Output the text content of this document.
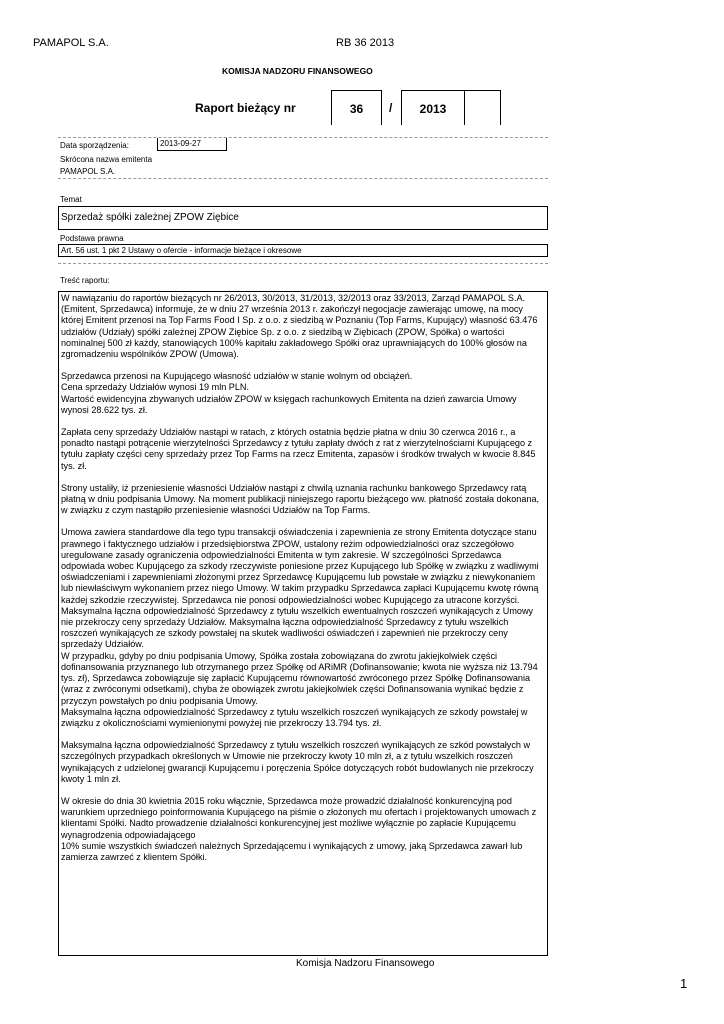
PAMAPOL S.A.	RB 36 2013
KOMISJA NADZORU FINANSOWEGO
Raport bieżący nr	36	/	2013
Data sporządzenia:	2013-09-27
Skrócona nazwa emitenta
PAMAPOL S.A.
Temat
Sprzedaż spółki zależnej ZPOW Ziębice
Podstawa prawna
Art. 56 ust. 1 pkt 2 Ustawy o ofercie - informacje bieżące i okresowe
Treść raportu:

W nawiązaniu do raportów bieżących nr 26/2013, 30/2013, 31/2013, 32/2013 oraz 33/2013, Zarząd PAMAPOL S.A. (Emitent, Sprzedawca) informuje, że w dniu 27 września 2013 r. zakończył negocjacje zawierając umowę, na mocy której Emitent przenosi na Top Farms Food I Sp. z o.o. z siedzibą w Poznaniu (Top Farms, Kupujący) własność 63.476 udziałów (Udziały) spółki zależnej ZPOW Ziębice Sp. z o.o. z siedzibą w Ziębicach (ZPOW, Spółka) o wartości nominalnej 500 zł każdy, stanowiących 100% kapitału zakładowego Spółki oraz uprawniających do 100% głosów na zgromadzeniu wspólników ZPOW (Umowa).

Sprzedawca przenosi na Kupującego własność udziałów w stanie wolnym od obciążeń.

Cena sprzedaży Udziałów wynosi 19 mln PLN.

Wartość ewidencyjna zbywanych udziałów ZPOW w księgach rachunkowych Emitenta na dzień zawarcia Umowy wynosi 28.622 tys. zł.

Zapłata ceny sprzedaży Udziałów nastąpi w ratach, z których ostatnia będzie płatna w dniu 30 czerwca 2016 r., a ponadto nastąpi potrącenie wierzytelności Sprzedawcy z tytułu zapłaty dwóch z rat z wierzytelnościami Kupującego z tytułu zapłaty części ceny sprzedaży przez Top Farms na rzecz Emitenta, zapasów i środków trwałych w kwocie 8.845 tys. zł.

Strony ustaliły, iż przeniesienie własności Udziałów nastąpi z chwilą uznania rachunku bankowego Sprzedawcy ratą płatną w dniu podpisania Umowy. Na moment publikacji niniejszego raportu bieżącego ww. płatność została dokonana, w związku z czym nastąpiło przeniesienie własności Udziałów na Top Farms.

Umowa zawiera standardowe dla tego typu transakcji oświadczenia i zapewnienia ze strony Emitenta dotyczące stanu prawnego i faktycznego udziałów i przedsiębiorstwa ZPOW, ustalony reżim odpowiedzialności oraz szczegółowo uregulowane zasady ograniczenia odpowiedzialności Emitenta w tym zakresie. W szczególności Sprzedawca odpowiada wobec Kupującego za szkody rzeczywiste poniesione przez Kupującego lub Spółkę w związku z wadliwymi oświadczeniami i zapewnieniami złożonymi przez Sprzedawcę Kupującemu lub powstałe w związku z niewykonaniem lub niewłaściwym wykonaniem przez niego Umowy. W takim przypadku Sprzedawca zapłaci Kupującemu kwotę równą każdej szkodzie rzeczywistej. Sprzedawca nie ponosi odpowiedzialności wobec Kupującego za utracone korzyści.

Maksymalna łączna odpowiedzialność Sprzedawcy z tytułu wszelkich ewentualnych roszczeń wynikających z Umowy nie przekroczy ceny sprzedaży Udziałów. Maksymalna łączna odpowiedzialność Sprzedawcy z tytułu wszelkich roszczeń wynikających ze szkody powstałej na skutek wadliwości oświadczeń i zapewnień nie przekroczy ceny sprzedaży Udziałów.

W przypadku, gdyby po dniu podpisania Umowy, Spółka została zobowiązana do zwrotu jakiejkolwiek części dofinansowania przyznanego lub otrzymanego przez Spółkę od ARiMR (Dofinansowanie; kwota nie wyższa niż 13.794 tys. zł), Sprzedawca zobowiązuje się zapłacić Kupującemu równowartość zwróconego przez Spółkę Dofinansowania (wraz z zwróconymi odsetkami), chyba że obowiązek zwrotu jakiejkolwiek części Dofinansowania wynikać będzie z przyczyn powstałych po dniu podpisania Umowy.

Maksymalna łączna odpowiedzialność Sprzedawcy z tytułu wszelkich roszczeń wynikających ze szkody powstałej w związku z okolicznościami wymienionymi powyżej nie przekroczy 13.794 tys. zł.

Maksymalna łączna odpowiedzialność Sprzedawcy z tytułu wszelkich roszczeń wynikających ze szkód powstałych w szczególnych przypadkach określonych w Umowie nie przekroczy kwoty 10 mln zł, a z tytułu wszelkich roszczeń wynikających z udzielonej gwarancji Kupującemu i poręczenia Spółce dotyczących robót budowlanych nie przekroczy kwoty 1 mln zł.

W okresie do dnia 30 kwietnia 2015 roku włącznie, Sprzedawca może prowadzić działalność konkurencyjną pod warunkiem uprzedniego poinformowania Kupującego na piśmie o złożonych mu ofertach i projektowanych umowach z klientami Spółki. Nadto prowadzenie działalności konkurencyjnej jest możliwe wyłącznie po zapłacie Kupującemu wynagrodzenia odpowiadającego

10% sumie wszystkich świadczeń należnych Sprzedającemu i wynikających z umowy, jaką Sprzedawca zawarł lub zamierza zawrzeć z klientem Spółki.

Komisja Nadzoru Finansowego
1
